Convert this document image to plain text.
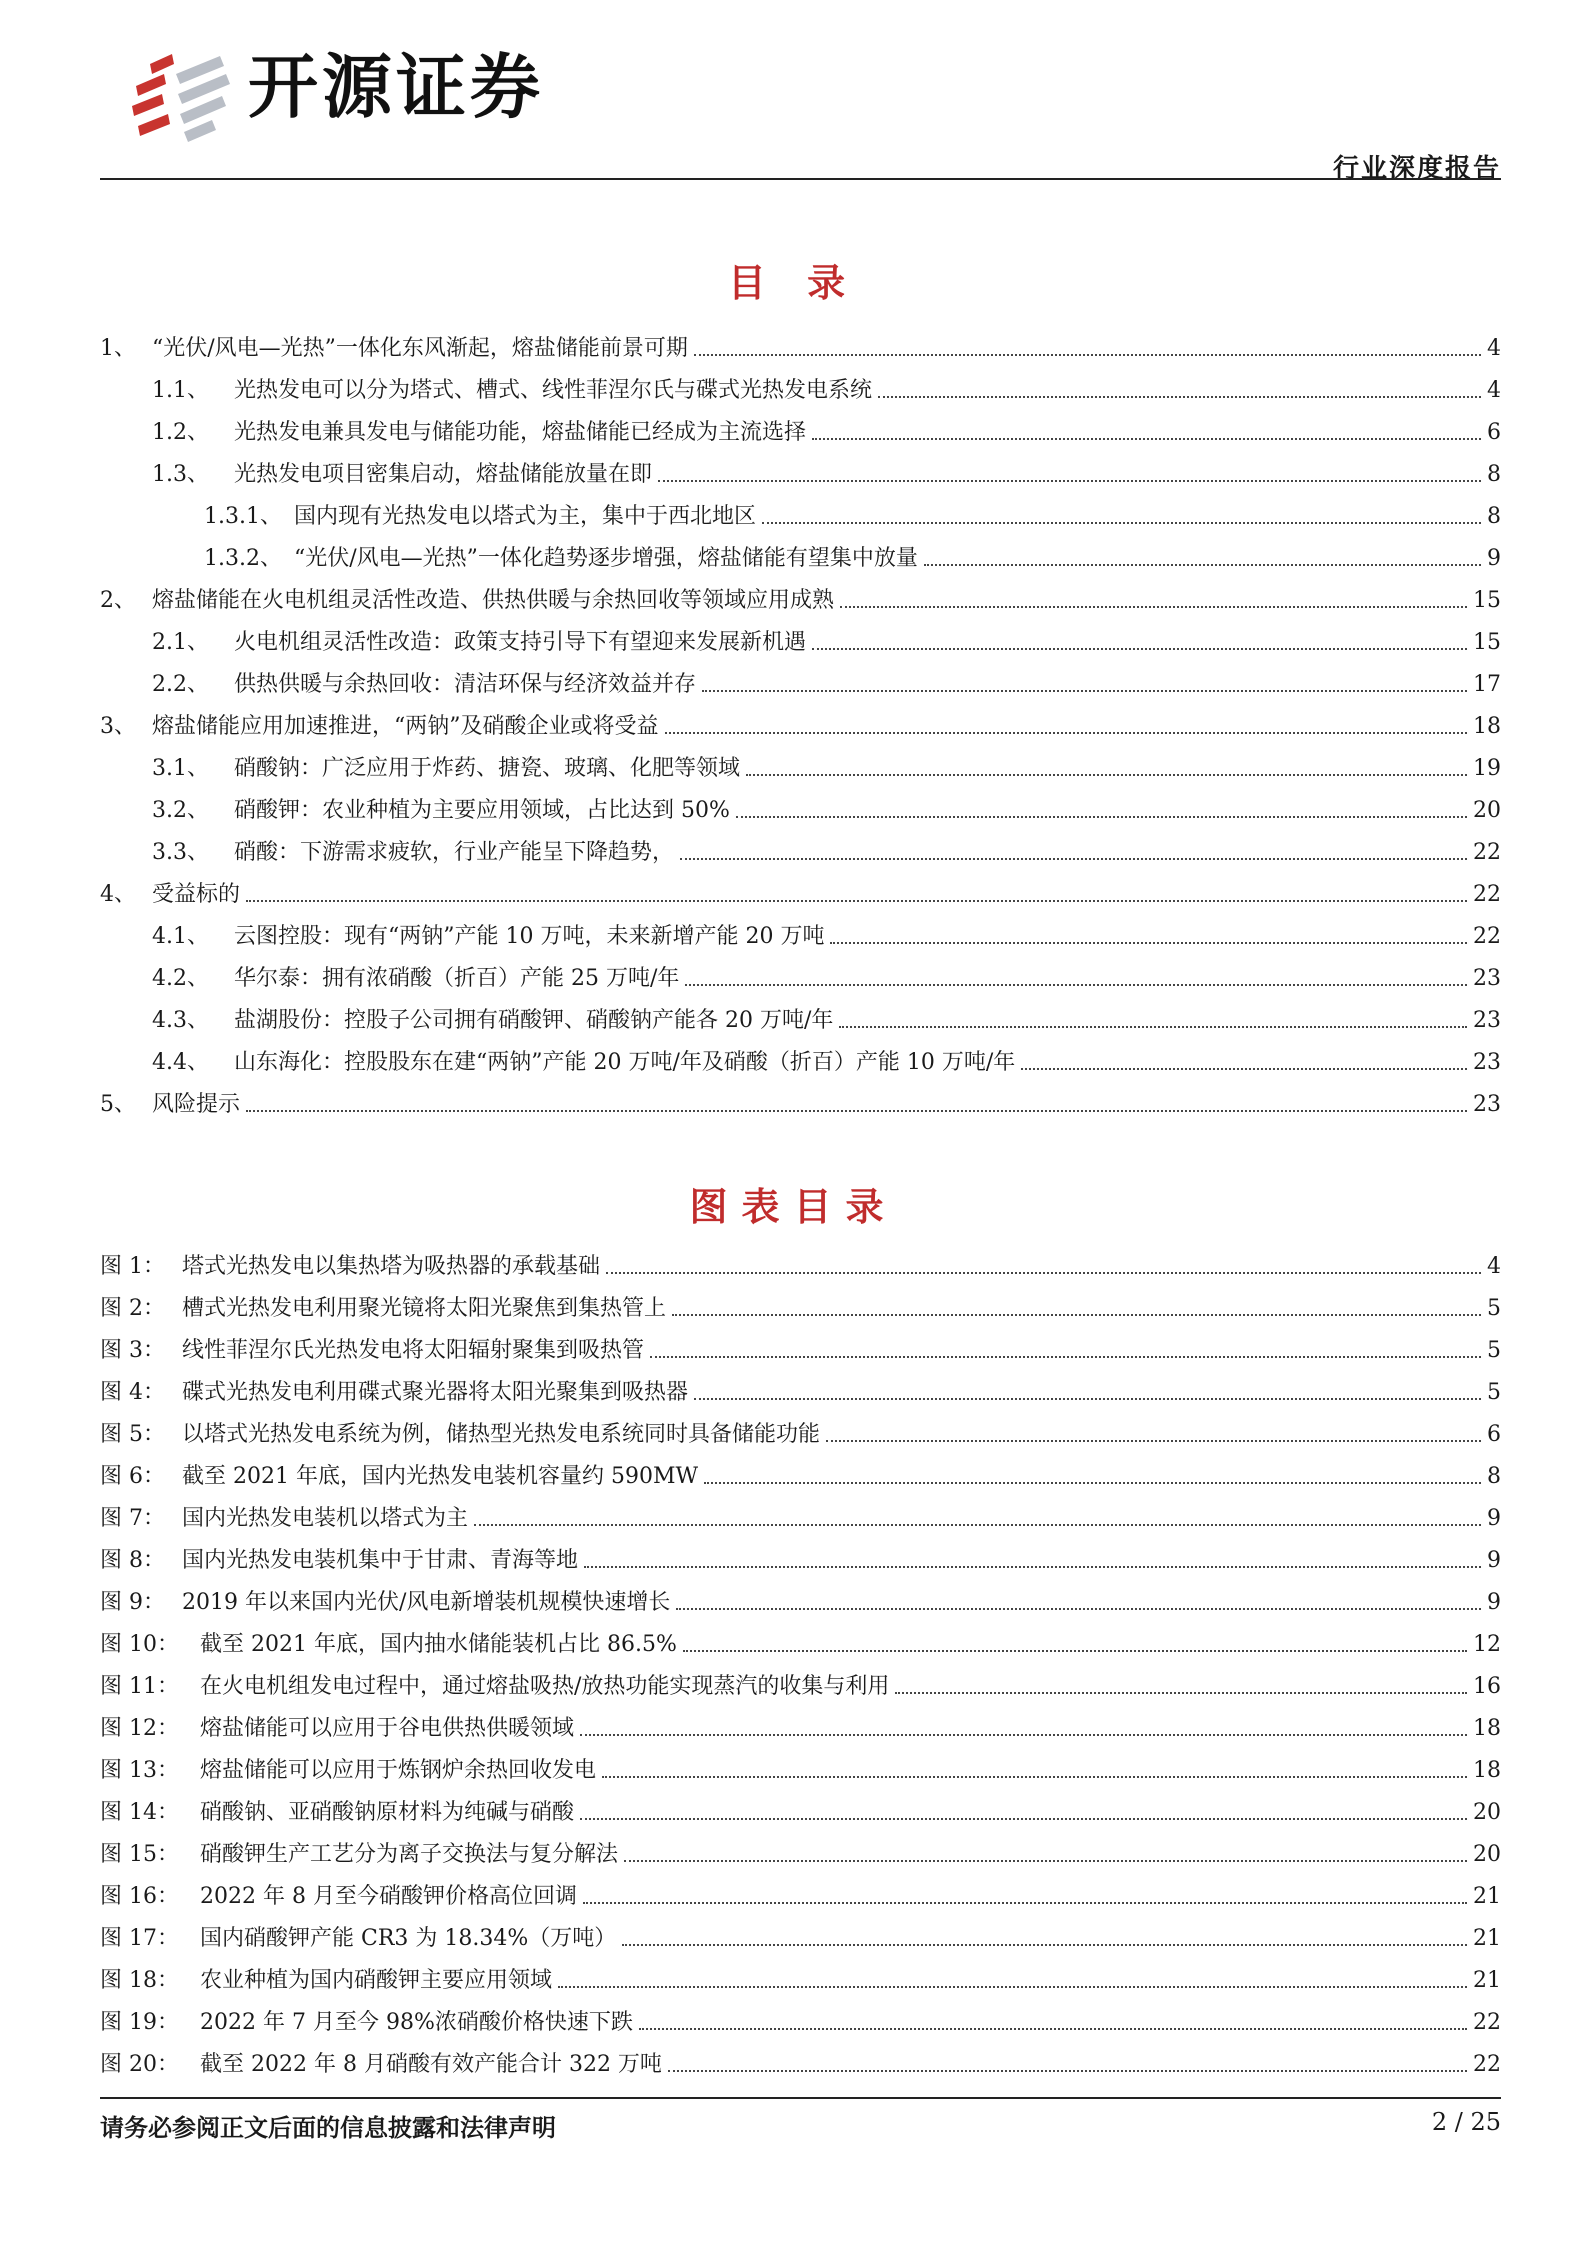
开源证券
行业深度报告
目 录
1、 “光伏/风电—光热”一体化东风渐起，熔盐储能前景可期	4
1.1、	光热发电可以分为塔式、槽式、线性菲涅尔氏与碟式光热发电系统	4
1.2、	光热发电兼具发电与储能功能，熔盐储能已经成为主流选择	6
1.3、	光热发电项目密集启动，熔盐储能放量在即	8
1.3.1、 国内现有光热发电以塔式为主，集中于西北地区	8
1.3.2、 “光伏/风电—光热”一体化趋势逐步增强，熔盐储能有望集中放量	9
2、 熔盐储能在火电机组灵活性改造、供热供暖与余热回收等领域应用成熟	15
2.1、	火电机组灵活性改造：政策支持引导下有望迎来发展新机遇	15
2.2、	供热供暖与余热回收：清洁环保与经济效益并存	17
3、 熔盐储能应用加速推进，“两钠”及硝酸企业或将受益	18
3.1、	硝酸钠：广泛应用于炸药、搪瓷、玻璃、化肥等领域	19
3.2、	硝酸钾：农业种植为主要应用领域，占比达到 50%	20
3.3、	硝酸：下游需求疲软，行业产能呈下降趋势，	22
4、 受益标的	22
4.1、	云图控股：现有“两钠”产能 10 万吨，未来新增产能 20 万吨	22
4.2、	华尔泰：拥有浓硝酸（折百）产能 25 万吨/年	23
4.3、	盐湖股份：控股子公司拥有硝酸钾、硝酸钠产能各 20 万吨/年	23
4.4、	山东海化：控股股东在建“两钠”产能 20 万吨/年及硝酸（折百）产能 10 万吨/年	23
5、 风险提示	23
图表目录
图 1： 塔式光热发电以集热塔为吸热器的承载基础	4
图 2： 槽式光热发电利用聚光镜将太阳光聚焦到集热管上	5
图 3： 线性菲涅尔氏光热发电将太阳辐射聚集到吸热管	5
图 4： 碟式光热发电利用碟式聚光器将太阳光聚集到吸热器	5
图 5： 以塔式光热发电系统为例，储热型光热发电系统同时具备储能功能	6
图 6： 截至 2021 年底，国内光热发电装机容量约 590MW	8
图 7： 国内光热发电装机以塔式为主	9
图 8： 国内光热发电装机集中于甘肃、青海等地	9
图 9： 2019 年以来国内光伏/风电新增装机规模快速增长	9
图 10： 截至 2021 年底，国内抽水储能装机占比 86.5%	12
图 11： 在火电机组发电过程中，通过熔盐吸热/放热功能实现蒸汽的收集与利用	16
图 12： 熔盐储能可以应用于谷电供热供暖领域	18
图 13： 熔盐储能可以应用于炼钢炉余热回收发电	18
图 14： 硝酸钠、亚硝酸钠原材料为纯碱与硝酸	20
图 15： 硝酸钾生产工艺分为离子交换法与复分解法	20
图 16： 2022 年 8 月至今硝酸钾价格高位回调	21
图 17： 国内硝酸钾产能 CR3 为 18.34%（万吨）	21
图 18： 农业种植为国内硝酸钾主要应用领域	21
图 19： 2022 年 7 月至今 98%浓硝酸价格快速下跌	22
图 20： 截至 2022 年 8 月硝酸有效产能合计 322 万吨	22
请务必参阅正文后面的信息披露和法律声明	2 / 25
